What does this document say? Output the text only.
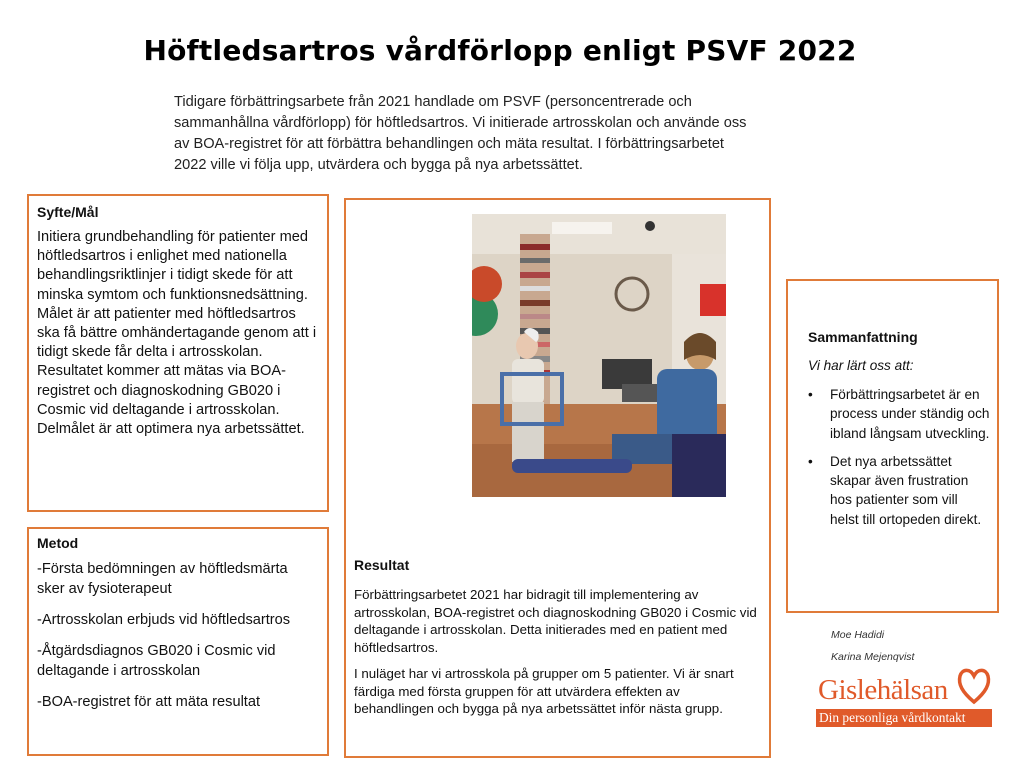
Höftledsartros vårdförlopp enligt PSVF 2022
Tidigare förbättringsarbete från 2021 handlade om PSVF (personcentrerade och
sammanhållna vårdförlopp) för höftledsartros. Vi initierade artrosskolan och använde oss
av BOA-registret för att förbättra behandlingen och mäta resultat. I förbättringsarbetet
2022 ville vi följa upp, utvärdera och bygga på nya arbetssättet.
Syfte/Mål

Initiera grundbehandling för patienter med höftledsartros i enlighet med nationella behandlingsriktlinjer i tidigt skede för att minska symtom och funktionsnedsättning. Målet är att patienter med höftledsartros ska få bättre omhändertagande genom att i tidigt skede får delta i artrosskolan. Resultatet kommer att mätas via BOA-registret och diagnoskodning GB020 i Cosmic vid deltagande i artrosskolan. Delmålet är att optimera nya arbetssättet.

Metod
-Första bedömningen av höftledsmärta sker av fysioterapeut
-Artrosskolan erbjuds vid höftledsartros
-Åtgärdsdiagnos GB020 i Cosmic vid deltagande i artrosskolan
-BOA-registret för att mäta resultat
Resultat

Förbättringsarbetet 2021 har bidragit till implementering av artrosskolan, BOA-registret och diagnoskodning GB020 i Cosmic vid deltagande i artrosskolan. Detta initierades med en patient med höftledsartros.

I nuläget har vi artrosskola på grupper om 5 patienter. Vi är snart färdiga med första gruppen för att utvärdera effekten av behandlingen och bygga på nya arbetssättet inför nästa grupp.

Sammanfattning
Vi har lärt oss att:
• Förbättringsarbetet är en process under ständig och ibland långsam utveckling.
• Det nya arbetssättet skapar även frustration hos patienter som vill helst till ortopeden direkt.
Moe Hadidi
Karina Mejenqvist
Gislehälsan
Din personliga vårdkontakt
